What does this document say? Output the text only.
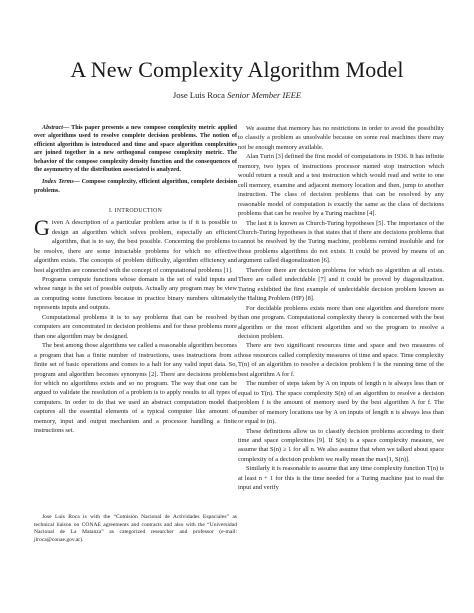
A New Complexity Algorithm Model
Jose Luis Roca Senior Member IEEE

Abstract— This paper presents a new compose complexity metric applied over algorithms used to resolve complete decision problems. The notion of efficient algorithm is introduced and time and space algorithm complexities are joined together in a new orthogonal compose complexity metric. The behavior of the compose complexity density function and the consequences of the asymmetry of the distribution associated is analyzed.

Index Terms— Compose complexity, efficient algorithm, complete decision problems.

I. INTRODUCTION

Given A description of a particular problem arise is if it is possible to design an algorithm which solves problem, especially an efficient algorithm, that is to say, the best possible. Concerning the problems to be resolve, there are some intractable problems for which no effective algorithm exists. The concepts of problem difficulty, algorithm efficiency and best algorithm are connected with the concept of computational problems [1].

Programs compute functions whose domain is the set of valid inputs and whose range is the set of possible outputs. Actually any program may be view as computing some functions because in practice binary numbers ultimately represents inputs and outputs.

Computational problems it is to say problems that can be resolved by computers are concentrated in decision problems and for these problems more than one algorithm may be designed.

The best among those algorithms we called a reasonable algorithm becomes a program that has a finite number of instructions, uses instructions from a finite set of basic operations and comes to a halt for any valid input data. So, program and algorithm becomes synonyms [2]. There are decisions problems for which no algorithms exists and so no program. The way that one can be argued to validate the resolution of a problem is to apply results to all types of computers. In order to do that we used an abstract computation model that captures all the essential elements of a typical computer like amount of memory, input and output mechanism and a processor handling a finite instructions set.

Jose Luis Roca is with the “Comisión Nacional de Actividades Espaciales” as technical liaison on CONAE agreements and contracts and also with the “Universidad Nacional de La Matanza” as categorized researcher and professor (e-mail: jlroca@conae.gov.ar).

We assume that memory has no restrictions in order to avoid the possibility to classify a problem as unsolvable because on some real machines there may not be enough memory available.

Alan Turin [3] defined the first model of computations in 1936. It has infinite memory, two types of instructions processor named stop instruction which would return a result and a test instruction which would read and write to one cell memory, examine and adjacent memory location and then, jump to another instruction. The class of decision problems that can be resolved by any reasonable model of computation is exactly the same as the class of decisions problems that can be resolve by a Turing machine [4].

The last it is known as Church-Turing hypotheses [5]. The importance of the Church-Turing hypotheses is that states that if there are decisions problems that cannot be resolved by the Turing machine, problems remind insoluble and for those problems algorithms do not exists. It could be proved by means of an argument called diagonalization [6].

Therefore there are decision problems for which no algorithm at all exists. There are called undecidable [7] and it could be proved by diagonalization. Turing exhibited the first example of undecidable decision problem known as the Halting Problem (HP) [8].

For decidable problems exists more than one algorithm and therefore more than one program. Computational complexity theory is concerned with the best algorithm or the most efficient algorithm and so the program to resolve a decision problem.

There are two significant resources time and space and two measures of those resources called complexity measures of time and space. Time complexity T(n) of an algorithm to resolve a decision problem f is the running time of the best algorithm A for f.

The number of steps taken by A on inputs of length n is always less than or equal to T(n). The space complexity S(n) of an algorithm to resolve a decision problem f is the amount of memory used by the best algorithm A for f. The number of memory locations use by A on inputs of length n is always less than or equal to (n).

These definitions allow us to classify decision problems according to their time and space complexities [9]. If S(n) is a space complexity measure, we assume that S(n) ≥ 1 for all n. We also assume that when we talked about space complexity of a decision problem we really mean the max[1, S(n)].

Similarly it is reasonable to assume that any time complexity function T(n) is at least n + 1 for this is the time needed for a Turing machine just to read the input and verify
